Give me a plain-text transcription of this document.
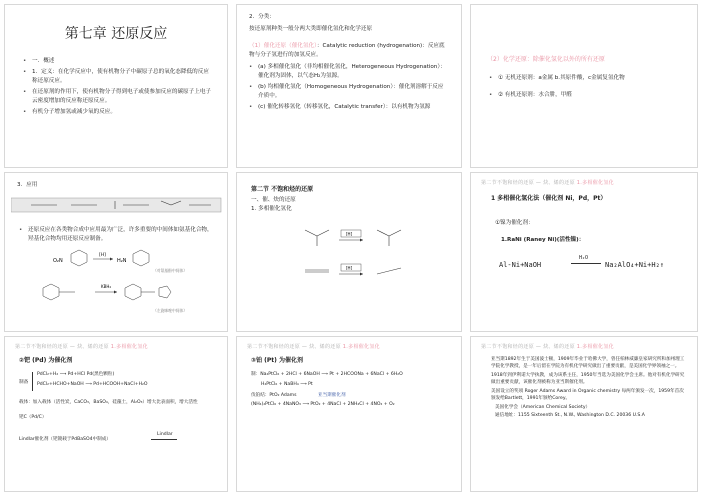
第七章 还原反应
• 一．概述
• 1．定义：在化学反应中，使有机物分子中碳原子总的氧化态降低的反应称还原反应。
• 在还原剂的作用下，使有机物分子得到电子或使参加反应的碳原子上电子云密度增加的反应称还原反应。
• 有机分子增加氢或减少氧的反应。
2．分类：
按还原剂种类一般分两大类即催化氢化和化学还原
（1）催化还原（催化氢化）：Catalytic reduction (hydrogenation)：反应底物与分子氢进行的加氢反应。
• (a) 多相催化氢化（非均相催化氢化，Heterogeneous Hydrogenation）：催化剂为固体，以气态H₂为氢源。
• (b) 均相催化氢化（Homogeneous Hydrogenation）：催化剂溶解于反应介质中。
• (c) 催化转移氢化（转移氢化，Catalytic transfer）：以有机物为氢源
（2）化学还原：除催化氢化以外的所有还原
• ① 无机还原剂：a金属 b.其原件酸，c金属复氢化物
• ② 有机还原剂：水合肼，甲醛
3．应用
• 还原反应在各类物合成中应用最为广泛，许多重要的中间体如氨基化合物，羟基化合物均用还原反应制备。
O₂N
[H]
H₂N
（对氨基酚中间体）
KBH₄
（左旋咪唑中间体）
第二节 不饱和烃的还原
一、催、炔的还原
1. 多相催化氢化
[H]
[H]
第二节不饱和烃的还原 — 炔、烯的还原 1.多相催化氢化
1 多相催化氢化法（催化剂 Ni，Pd，Pt）
①镍为催化剂：
1.RaNi (Raney Ni)(活性镍)：
Al-Ni+NaOH
H₂O
Na₂AlO₄+Ni+H₂↑
第二节不饱和烃的还原 — 炔、烯的还原 1.多相催化氢化
②钯 (Pd) 为催化剂
制备
PdCl₂+H₂ ⟶ Pd+HCl Pd(黑色颗粒)
PdCl₂+HCHO+NaOH ⟶ Pd+HCOOH+NaCl+H₂O
载体：加入载体（活性炭，CaCO₃，BaSO₄，硅藻土，Al₂O₃）增大比表面积，增大活性
钯C（Pd/C）
Lindlar催化剂（钯镀载于PdBaSO4中制成）
Lindlar
第二节不饱和烃的还原 — 炔、烯的还原 1.多相催化氢化
③铂 (Pt) 为催化剂
制：Na₂PtCl₆ + 2HCl + 6NaOH ⟶ Pt + 2HCOONa + 6NaCl + 6H₂O
H₂PtCl₆ + NaBH₄ ⟶ Pt
伐铂结：PtO₂ Adams	亚当斯催化剂
(NH₄)₂PtCl₆ + 4NaNO₃ ⟶ PtO₂ + 4NaCl + 2NH₄Cl + 4NO₂ + O₂
第二节不饱和烃的还原 — 炔、烯的还原 1.多相催化氢化
亚当斯1892年生于美国波士顿，1909年毕业于哈佛大学，曾任柏林威廉皇家研究所和加州理工学院化学教授，是一年后留在学院为有机化学研究做出了重要贡献，是美国化学界领袖之一。
1918年到伊利诺大学执教，成为该系主任，1950年当选为美国化学会主席。他对有机化学研究做出重要贡献，该催化剂被称为亚当斯催化剂。
美国设立的奖项 Roger Adams Award in Organic chemistry 每两年颁发一次，1959年首次颁发给Bartlett，1991年颁给Corey。
美国化学会（American Chemical Society）
通信地址：1155 Sixteenth St., N.W., Washington D.C. 20036 U.S.A
